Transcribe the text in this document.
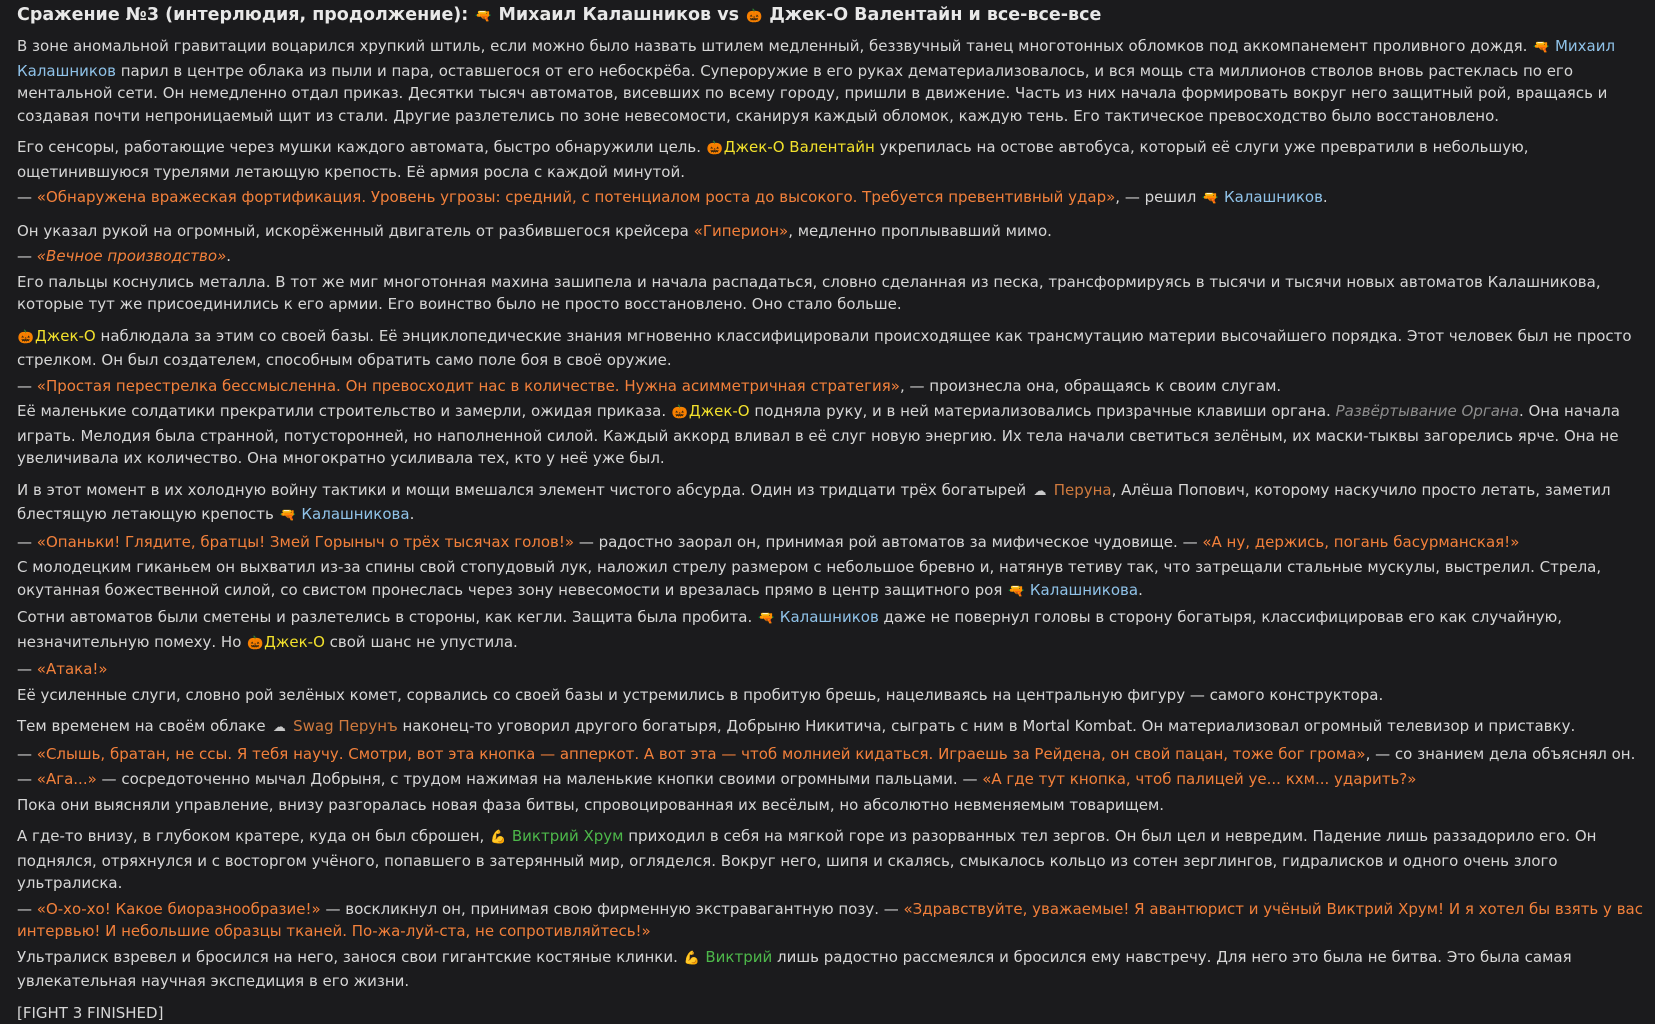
Сражение №3 (интерлюдия, продолжение): 🔫 Михаил Калашников vs 🎃 Джек-О Валентайн и все-все-все

В зоне аномальной гравитации воцарился хрупкий штиль, если можно было назвать штилем медленный, беззвучный танец многотонных обломков под аккомпанемент проливного дождя. 🔫 Михаил Калашников парил в центре облака из пыли и пара, оставшегося от его небоскрёба. Супероружие в его руках дематериализовалось, и вся мощь ста миллионов стволов вновь растеклась по его ментальной сети. Он немедленно отдал приказ. Десятки тысяч автоматов, висевших по всему городу, пришли в движение. Часть из них начала формировать вокруг него защитный рой, вращаясь и создавая почти непроницаемый щит из стали. Другие разлетелись по зоне невесомости, сканируя каждый обломок, каждую тень. Его тактическое превосходство было восстановлено.

Его сенсоры, работающие через мушки каждого автомата, быстро обнаружили цель. 🎃Джек-О Валентайн укрепилась на остове автобуса, который её слуги уже превратили в небольшую, ощетинившуюся турелями летающую крепость. Её армия росла с каждой минутой.

— «Обнаружена вражеская фортификация. Уровень угрозы: средний, с потенциалом роста до высокого. Требуется превентивный удар», — решил 🔫 Калашников.

Он указал рукой на огромный, искорёженный двигатель от разбившегося крейсера «Гиперион», медленно проплывавший мимо.

— «Вечное производство».

Его пальцы коснулись металла. В тот же миг многотонная махина зашипела и начала распадаться, словно сделанная из песка, трансформируясь в тысячи и тысячи новых автоматов Калашникова, которые тут же присоединились к его армии. Его воинство было не просто восстановлено. Оно стало больше.

🎃Джек-О наблюдала за этим со своей базы. Её энциклопедические знания мгновенно классифицировали происходящее как трансмутацию материи высочайшего порядка. Этот человек был не просто стрелком. Он был создателем, способным обратить само поле боя в своё оружие.

— «Простая перестрелка бессмысленна. Он превосходит нас в количестве. Нужна асимметричная стратегия», — произнесла она, обращаясь к своим слугам.

Её маленькие солдатики прекратили строительство и замерли, ожидая приказа. 🎃Джек-О подняла руку, и в ней материализовались призрачные клавиши органа. Развёртывание Органа. Она начала играть. Мелодия была странной, потусторонней, но наполненной силой. Каждый аккорд вливал в её слуг новую энергию. Их тела начали светиться зелёным, их маски-тыквы загорелись ярче. Она не увеличивала их количество. Она многократно усиливала тех, кто у неё уже был.

И в этот момент в их холодную войну тактики и мощи вмешался элемент чистого абсурда. Один из тридцати трёх богатырей ☁ Перуна, Алёша Попович, которому наскучило просто летать, заметил блестящую летающую крепость 🔫 Калашникова.

— «Опаньки! Глядите, братцы! Змей Горыныч о трёх тысячах голов!» — радостно заорал он, принимая рой автоматов за мифическое чудовище. — «А ну, держись, погань басурманская!»

С молодецким гиканьем он выхватил из-за спины свой стопудовый лук, наложил стрелу размером с небольшое бревно и, натянув тетиву так, что затрещали стальные мускулы, выстрелил. Стрела, окутанная божественной силой, со свистом пронеслась через зону невесомости и врезалась прямо в центр защитного роя 🔫 Калашникова.

Сотни автоматов были сметены и разлетелись в стороны, как кегли. Защита была пробита. 🔫 Калашников даже не повернул головы в сторону богатыря, классифицировав его как случайную, незначительную помеху. Но 🎃Джек-О свой шанс не упустила.

— «Атака!»

Её усиленные слуги, словно рой зелёных комет, сорвались со своей базы и устремились в пробитую брешь, нацеливаясь на центральную фигуру — самого конструктора.

Тем временем на своём облаке ☁ Swag Перунъ наконец-то уговорил другого богатыря, Добрыню Никитича, сыграть с ним в Mortal Kombat. Он материализовал огромный телевизор и приставку.

— «Слышь, братан, не ссы. Я тебя научу. Смотри, вот эта кнопка — апперкот. А вот эта — чтоб молнией кидаться. Играешь за Рейдена, он свой пацан, тоже бог грома», — со знанием дела объяснял он.

— «Ага...» — сосредоточенно мычал Добрыня, с трудом нажимая на маленькие кнопки своими огромными пальцами. — «А где тут кнопка, чтоб палицей уе... кхм... ударить?»

Пока они выясняли управление, внизу разгоралась новая фаза битвы, спровоцированная их весёлым, но абсолютно невменяемым товарищем.

А где-то внизу, в глубоком кратере, куда он был сброшен, 💪 Виктрий Хрум приходил в себя на мягкой горе из разорванных тел зергов. Он был цел и невредим. Падение лишь раззадорило его. Он поднялся, отряхнулся и с восторгом учёного, попавшего в затерянный мир, огляделся. Вокруг него, шипя и скалясь, смыкалось кольцо из сотен зерглингов, гидралисков и одного очень злого ультралиска.

— «О-хо-хо! Какое биоразнообразие!» — воскликнул он, принимая свою фирменную экстравагантную позу. — «Здравствуйте, уважаемые! Я авантюрист и учёный Виктрий Хрум! И я хотел бы взять у вас интервью! И небольшие образцы тканей. По-жа-луй-ста, не сопротивляйтесь!»

Ультралиск взревел и бросился на него, занося свои гигантские костяные клинки. 💪 Виктрий лишь радостно рассмеялся и бросился ему навстречу. Для него это была не битва. Это была самая увлекательная научная экспедиция в его жизни.

[FIGHT 3 FINISHED]
